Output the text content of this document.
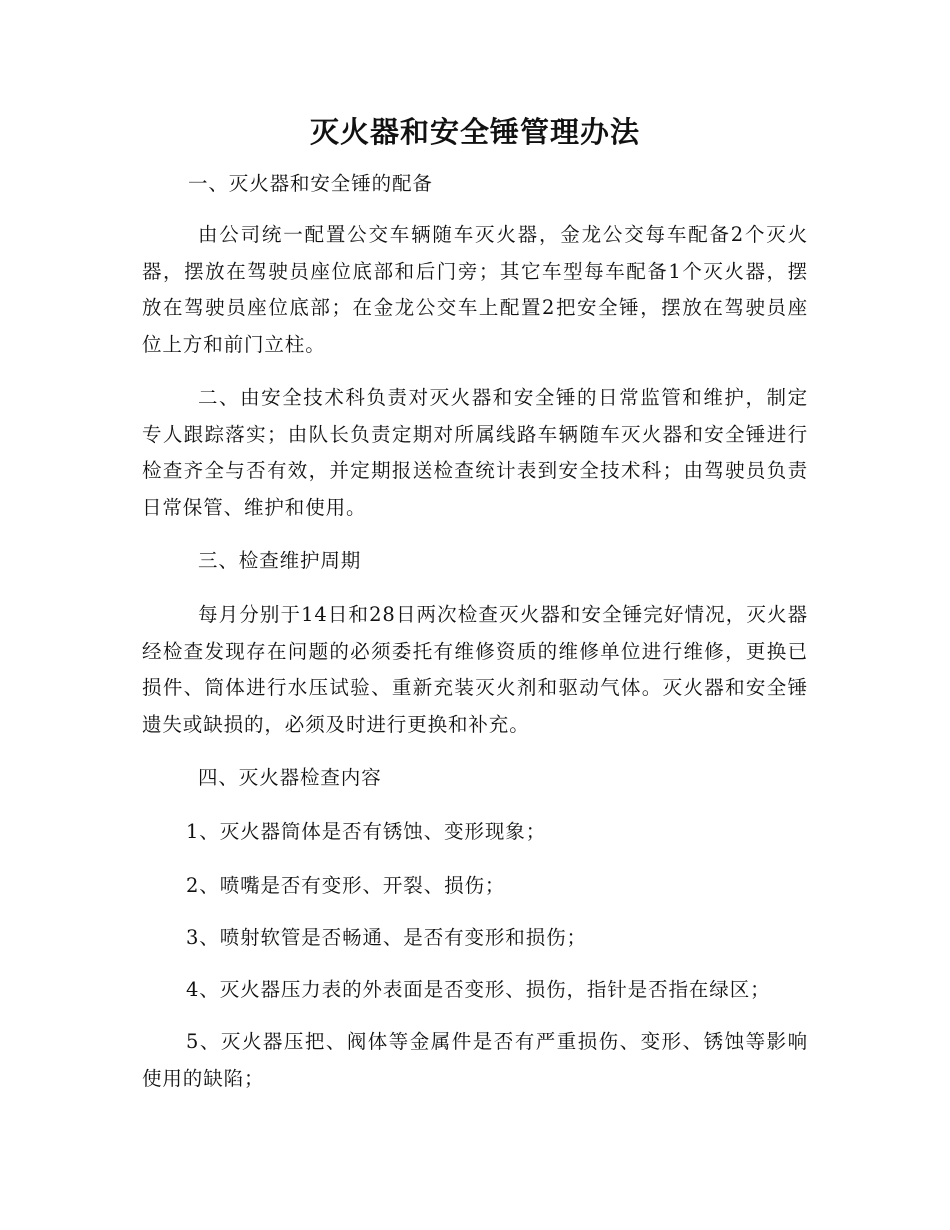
灭火器和安全锤管理办法

一、灭火器和安全锤的配备

由公司统一配置公交车辆随车灭火器，金龙公交每车配备2个灭火器，摆放在驾驶员座位底部和后门旁；其它车型每车配备1个灭火器，摆放在驾驶员座位底部；在金龙公交车上配置2把安全锤，摆放在驾驶员座位上方和前门立柱。

二、由安全技术科负责对灭火器和安全锤的日常监管和维护，制定专人跟踪落实；由队长负责定期对所属线路车辆随车灭火器和安全锤进行检查齐全与否有效，并定期报送检查统计表到安全技术科；由驾驶员负责日常保管、维护和使用。

三、检查维护周期

每月分别于14日和28日两次检查灭火器和安全锤完好情况，灭火器经检查发现存在问题的必须委托有维修资质的维修单位进行维修，更换已损件、筒体进行水压试验、重新充装灭火剂和驱动气体。灭火器和安全锤遗失或缺损的，必须及时进行更换和补充。

四、灭火器检查内容

1、灭火器筒体是否有锈蚀、变形现象；

2、喷嘴是否有变形、开裂、损伤；

3、喷射软管是否畅通、是否有变形和损伤；

4、灭火器压力表的外表面是否变形、损伤，指针是否指在绿区；

5、灭火器压把、阀体等金属件是否有严重损伤、变形、锈蚀等影响使用的缺陷；
